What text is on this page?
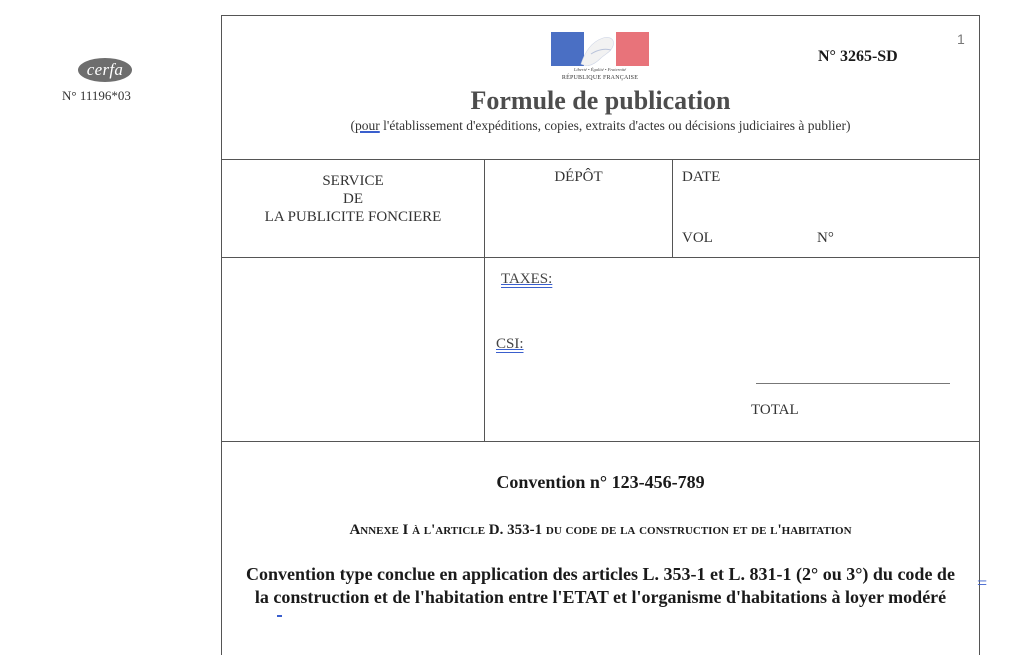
cerfa
N° 11196*03
1
N° 3265-SD
Liberté • Égalité • Fraternité
RÉPUBLIQUE FRANÇAISE
Formule de publication
(pour l'établissement d'expéditions, copies, extraits d'actes ou décisions judiciaires à publier)
SERVICE
DE
LA PUBLICITE FONCIERE
DÉPÔT	DATE
VOL	N°
TAXES:
CSI:
TOTAL
Convention n° 123-456-789
Annexe I à l'article D. 353-1 du code de la construction et de l'habitation
Convention type conclue en application des articles L. 353-1 et L. 831-1 (2° ou 3°) du code de la construction et de l'habitation entre l'ETAT et l'organisme d'habitations à loyer modéré
=
